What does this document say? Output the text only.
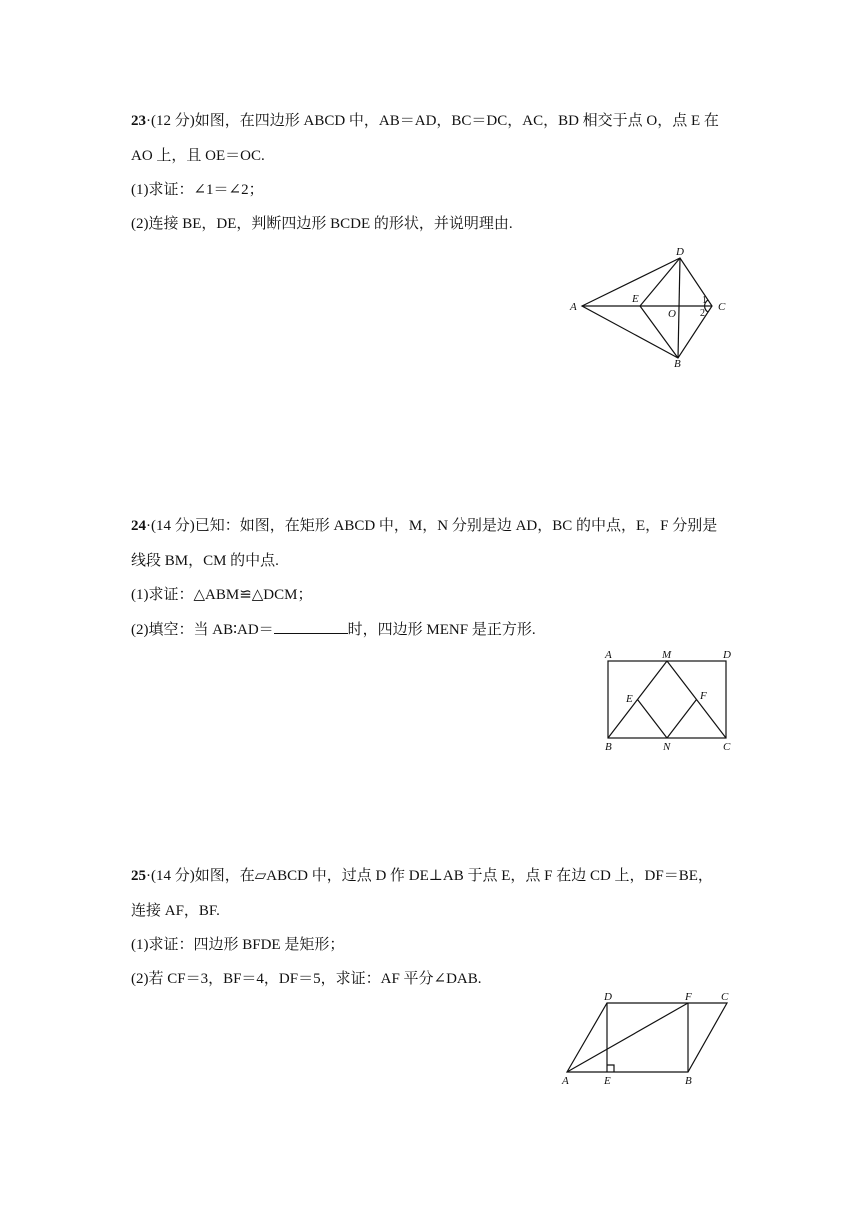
23·(12 分)如图，在四边形 ABCD 中，AB＝AD，BC＝DC，AC，BD 相交于点 O，点 E 在
AO 上，且 OE＝OC.
(1)求证：∠1＝∠2；
(2)连接 BE，DE，判断四边形 BCDE 的形状，并说明理由.
A
D
C
B
E
O
1
2
24·(14 分)已知：如图，在矩形 ABCD 中，M，N 分别是边 AD，BC 的中点，E，F 分别是
线段 BM，CM 的中点.
(1)求证：△ABM≌△DCM；
(2)填空：当 AB∶AD＝	时，四边形 MENF 是正方形.
A	M	D
E	F
B	N	C
25·(14 分)如图，在▱ABCD 中，过点 D 作 DE⊥AB 于点 E，点 F 在边 CD 上，DF＝BE，
连接 AF，BF.
(1)求证：四边形 BFDE 是矩形；
(2)若 CF＝3，BF＝4，DF＝5，求证：AF 平分∠DAB.
D	F	C
A	E	B
